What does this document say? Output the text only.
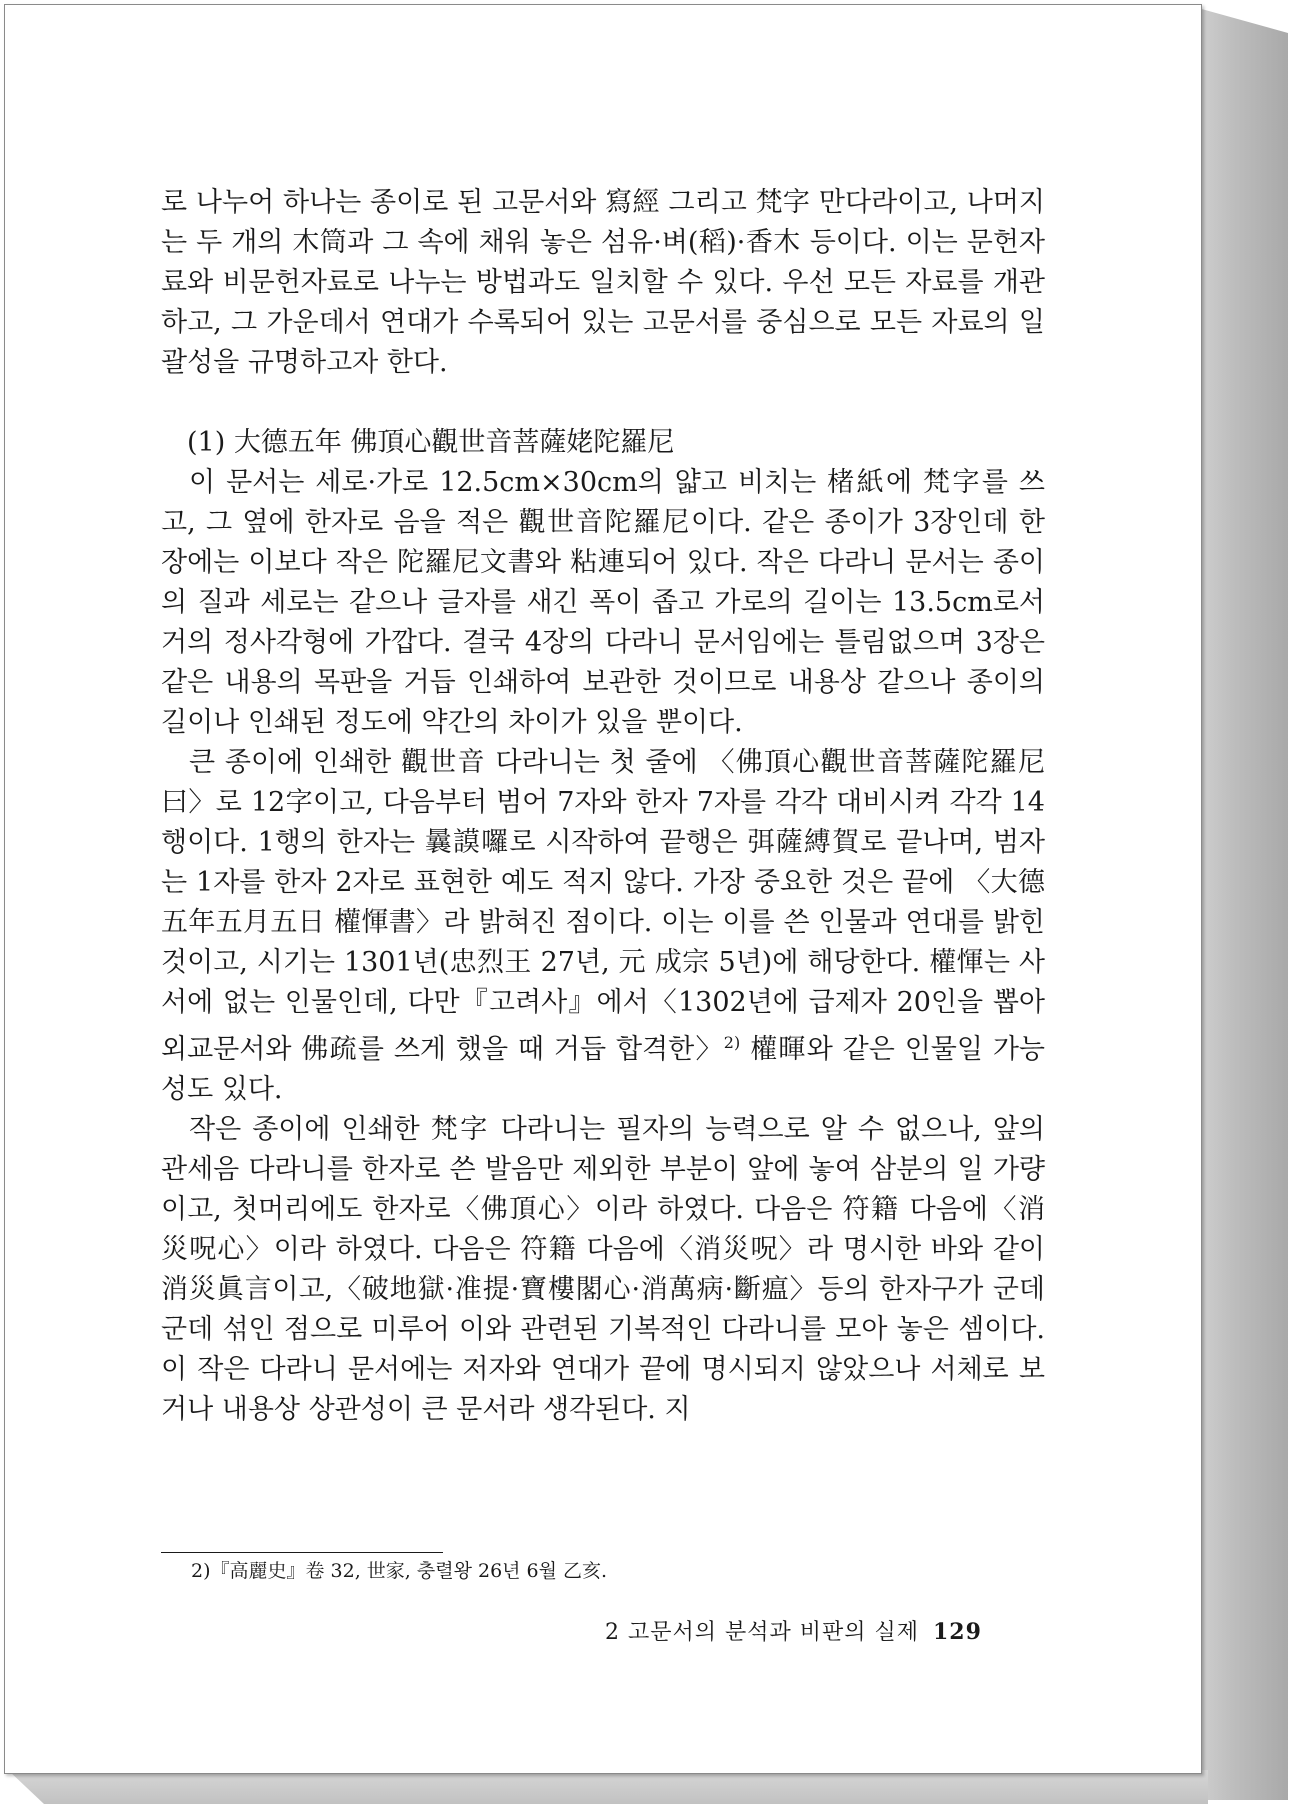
로 나누어 하나는 종이로 된 고문서와 寫經 그리고 梵字 만다라이고, 나머지는 두 개의 木筒과 그 속에 채워 놓은 섬유·벼(稻)·香木 등이다. 이는 문헌자료와 비문헌자료로 나누는 방법과도 일치할 수 있다. 우선 모든 자료를 개관하고, 그 가운데서 연대가 수록되어 있는 고문서를 중심으로 모든 자료의 일괄성을 규명하고자 한다.

(1) 大德五年 佛頂心觀世音菩薩姥陀羅尼

이 문서는 세로·가로 12.5cm×30cm의 얇고 비치는 楮紙에 梵字를 쓰고, 그 옆에 한자로 음을 적은 觀世音陀羅尼이다. 같은 종이가 3장인데 한 장에는 이보다 작은 陀羅尼文書와 粘連되어 있다. 작은 다라니 문서는 종이의 질과 세로는 같으나 글자를 새긴 폭이 좁고 가로의 길이는 13.5cm로서 거의 정사각형에 가깝다. 결국 4장의 다라니 문서임에는 틀림없으며 3장은 같은 내용의 목판을 거듭 인쇄하여 보관한 것이므로 내용상 같으나 종이의 길이나 인쇄된 정도에 약간의 차이가 있을 뿐이다.

큰 종이에 인쇄한 觀世音 다라니는 첫 줄에 〈佛頂心觀世音菩薩陀羅尼曰〉로 12字이고, 다음부터 범어 7자와 한자 7자를 각각 대비시켜 각각 14행이다. 1행의 한자는 曩謨囉로 시작하여 끝행은 弭薩縛賀로 끝나며, 범자는 1자를 한자 2자로 표현한 예도 적지 않다. 가장 중요한 것은 끝에 〈大德五年五月五日 權惲書〉라 밝혀진 점이다. 이는 이를 쓴 인물과 연대를 밝힌 것이고, 시기는 1301년(忠烈王 27년, 元 成宗 5년)에 해당한다. 權惲는 사서에 없는 인물인데, 다만『고려사』에서〈1302년에 급제자 20인을 뽑아 외교문서와 佛疏를 쓰게 했을 때 거듭 합격한〉$^{2)}$ 權暉와 같은 인물일 가능성도 있다.

작은 종이에 인쇄한 梵字 다라니는 필자의 능력으로 알 수 없으나, 앞의 관세음 다라니를 한자로 쓴 발음만 제외한 부분이 앞에 놓여 삼분의 일 가량이고, 첫머리에도 한자로〈佛頂心〉이라 하였다. 다음은 符籍 다음에〈消災呪心〉이라 하였다. 다음은 符籍 다음에〈消災呪〉라 명시한 바와 같이 消災眞言이고,〈破地獄·准提·寶樓閣心·消萬病·斷瘟〉등의 한자구가 군데군데 섞인 점으로 미루어 이와 관련된 기복적인 다라니를 모아 놓은 셈이다. 이 작은 다라니 문서에는 저자와 연대가 끝에 명시되지 않았으나 서체로 보거나 내용상 상관성이 큰 문서라 생각된다. 지

2)『高麗史』卷 32, 世家, 충렬왕 26년 6월 乙亥.
2 고문서의 분석과 비판의 실제 129
